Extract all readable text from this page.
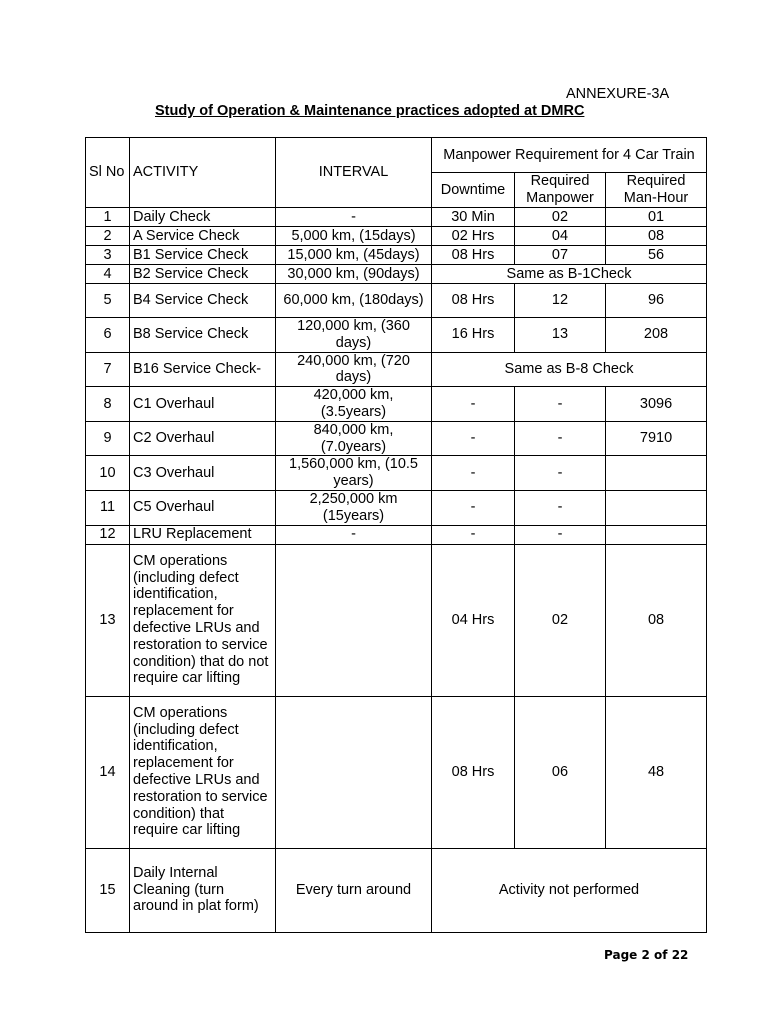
ANNEXURE-3A
Study of Operation & Maintenance practices adopted at DMRC
Sl No	ACTIVITY	INTERVAL	Manpower Requirement for 4 Car Train		
			Downtime	Required Manpower	Required Man-Hour
1	Daily Check	-	30 Min	02	01
2	A Service Check	5,000 km, (15days)	02 Hrs	04	08
3	B1 Service Check	15,000 km, (45days)	08 Hrs	07	56
4	B2 Service Check	30,000 km, (90days)	Same as B-1Check		
5	B4 Service Check	60,000 km, (180days)	08 Hrs	12	96
6	B8 Service Check	120,000 km, (360 days)	16 Hrs	13	208
7	B16 Service Check-	240,000 km, (720 days)	Same as B-8 Check		
8	C1 Overhaul	420,000 km, (3.5years)	-	-	3096
9	C2 Overhaul	840,000 km, (7.0years)	-	-	7910
10	C3 Overhaul	1,560,000 km, (10.5 years)	-	-	
11	C5 Overhaul	2,250,000 km (15years)	-	-	
12	LRU Replacement	-	-	-	
13	CM operations (including defect identification, replacement for defective LRUs and restoration to service condition) that do not require car lifting		04 Hrs	02	08
14	CM operations (including defect identification, replacement for defective LRUs and restoration to service condition) that require car lifting		08 Hrs	06	48
15	Daily Internal Cleaning (turn around in plat form)	Every turn around	Activity not performed		
Page 2 of 22
